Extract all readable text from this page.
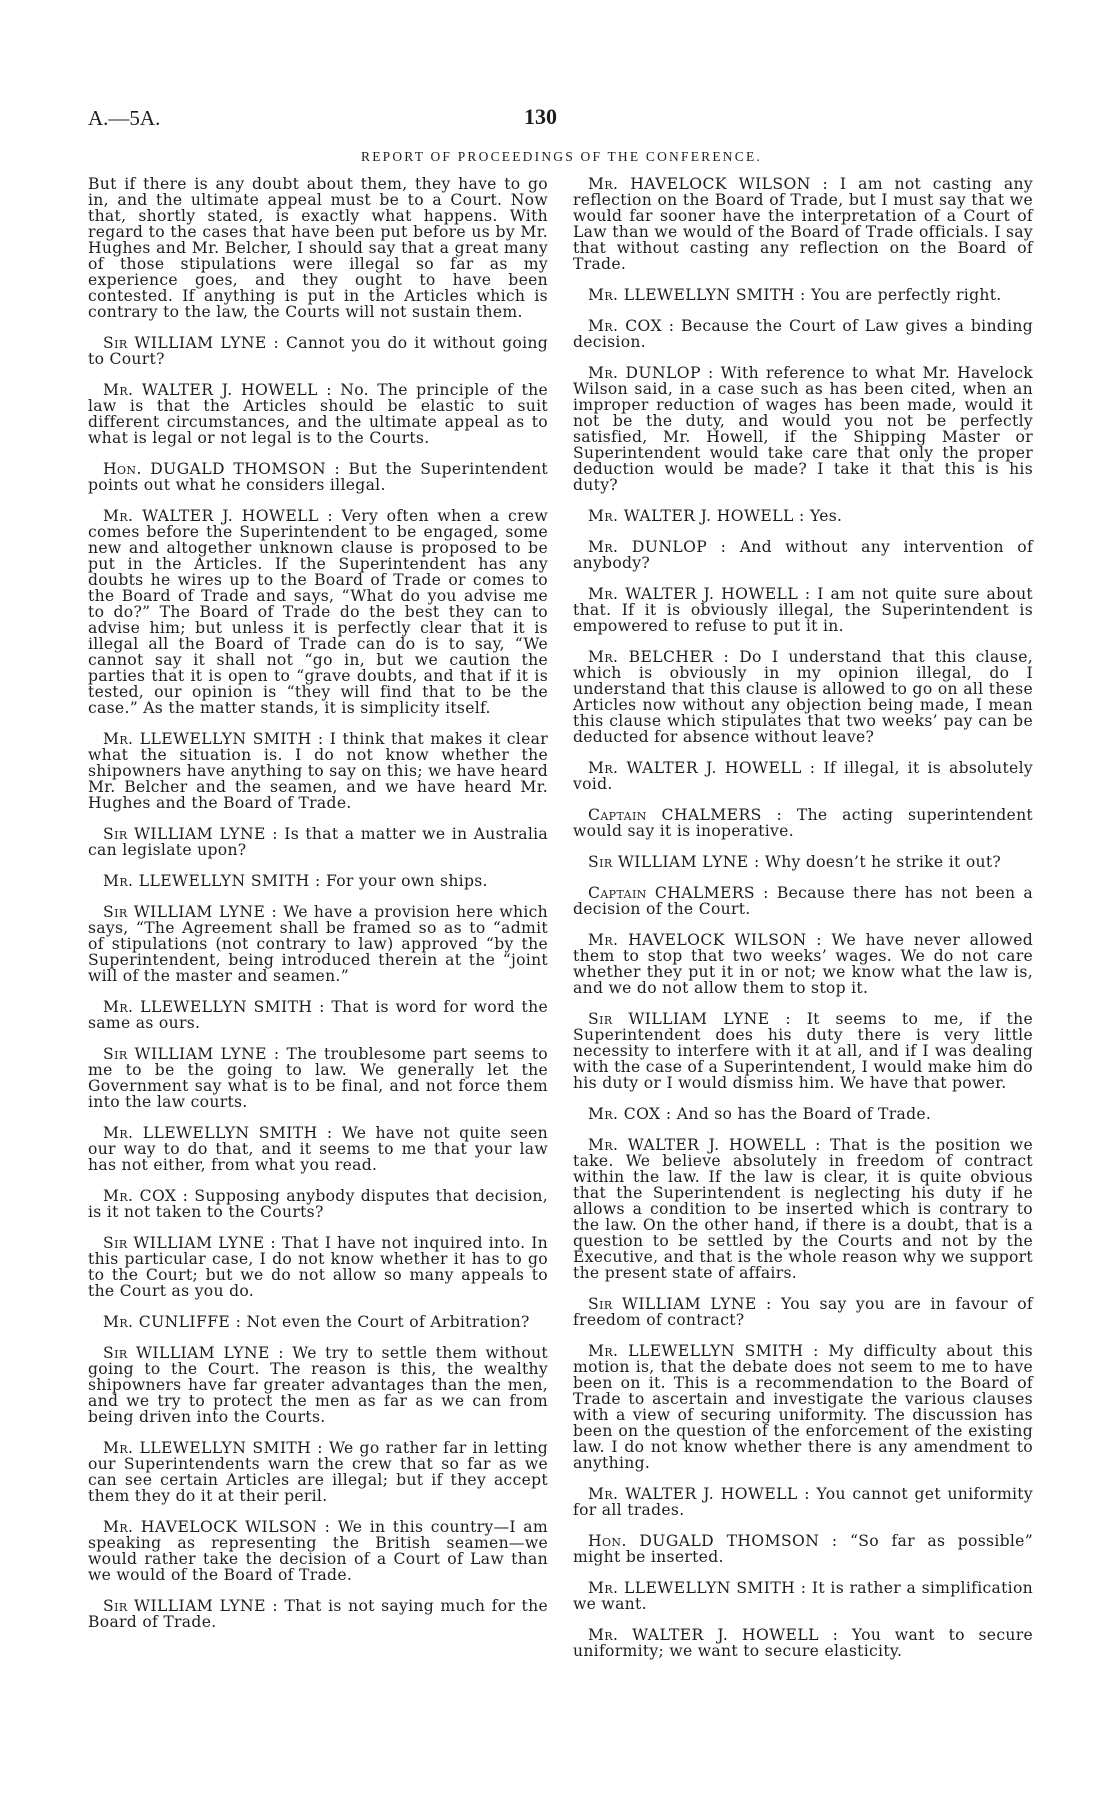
A.—5A.	130
REPORT OF PROCEEDINGS OF THE CONFERENCE.

But if there is any doubt about them, they have to go in, and the ultimate appeal must be to a Court. Now that, shortly stated, is exactly what happens. With regard to the cases that have been put before us by Mr. Hughes and Mr. Belcher, I should say that a great many of those stipulations were illegal so far as my experience goes, and they ought to have been contested. If anything is put in the Articles which is contrary to the law, the Courts will not sustain them.

Sir WILLIAM LYNE : Cannot you do it without going to Court?

Mr. WALTER J. HOWELL : No. The principle of the law is that the Articles should be elastic to suit different circumstances, and the ultimate appeal as to what is legal or not legal is to the Courts.

Hon. DUGALD THOMSON : But the Superintendent points out what he considers illegal.

Mr. WALTER J. HOWELL : Very often when a crew comes before the Superintendent to be engaged, some new and altogether unknown clause is proposed to be put in the Articles. If the Superintendent has any doubts he wires up to the Board of Trade or comes to the Board of Trade and says, “What do you advise me to do?” The Board of Trade do the best they can to advise him; but unless it is perfectly clear that it is illegal all the Board of Trade can do is to say, “We cannot say it shall not “go in, but we caution the parties that it is open to “grave doubts, and that if it is tested, our opinion is “they will find that to be the case.” As the matter stands, it is simplicity itself.

Mr. LLEWELLYN SMITH : I think that makes it clear what the situation is. I do not know whether the shipowners have anything to say on this; we have heard Mr. Belcher and the seamen, and we have heard Mr. Hughes and the Board of Trade.

Sir WILLIAM LYNE : Is that a matter we in Australia can legislate upon?

Mr. LLEWELLYN SMITH : For your own ships.

Sir WILLIAM LYNE : We have a provision here which says, “The Agreement shall be framed so as to “admit of stipulations (not contrary to law) approved “by the Superintendent, being introduced therein at the “joint will of the master and seamen.”

Mr. LLEWELLYN SMITH : That is word for word the same as ours.

Sir WILLIAM LYNE : The troublesome part seems to me to be the going to law. We generally let the Government say what is to be final, and not force them into the law courts.

Mr. LLEWELLYN SMITH : We have not quite seen our way to do that, and it seems to me that your law has not either, from what you read.

Mr. COX : Supposing anybody disputes that decision, is it not taken to the Courts?

Sir WILLIAM LYNE : That I have not inquired into. In this particular case, I do not know whether it has to go to the Court; but we do not allow so many appeals to the Court as you do.

Mr. CUNLIFFE : Not even the Court of Arbitration?

Sir WILLIAM LYNE : We try to settle them without going to the Court. The reason is this, the wealthy shipowners have far greater advantages than the men, and we try to protect the men as far as we can from being driven into the Courts.

Mr. LLEWELLYN SMITH : We go rather far in letting our Superintendents warn the crew that so far as we can see certain Articles are illegal; but if they accept them they do it at their peril.

Mr. HAVELOCK WILSON : We in this country—I am speaking as representing the British seamen—we would rather take the decision of a Court of Law than we would of the Board of Trade.

Sir WILLIAM LYNE : That is not saying much for the Board of Trade.

Mr. HAVELOCK WILSON : I am not casting any reflection on the Board of Trade, but I must say that we would far sooner have the interpretation of a Court of Law than we would of the Board of Trade officials. I say that without casting any reflection on the Board of Trade.

Mr. LLEWELLYN SMITH : You are perfectly right.

Mr. COX : Because the Court of Law gives a binding decision.

Mr. DUNLOP : With reference to what Mr. Havelock Wilson said, in a case such as has been cited, when an improper reduction of wages has been made, would it not be the duty, and would you not be perfectly satisfied, Mr. Howell, if the Shipping Master or Superintendent would take care that only the proper deduction would be made? I take it that this is his duty?

Mr. WALTER J. HOWELL : Yes.

Mr. DUNLOP : And without any intervention of anybody?

Mr. WALTER J. HOWELL : I am not quite sure about that. If it is obviously illegal, the Superintendent is empowered to refuse to put it in.

Mr. BELCHER : Do I understand that this clause, which is obviously in my opinion illegal, do I understand that this clause is allowed to go on all these Articles now without any objection being made, I mean this clause which stipulates that two weeks’ pay can be deducted for absence without leave?

Mr. WALTER J. HOWELL : If illegal, it is absolutely void.

Captain CHALMERS : The acting superintendent would say it is inoperative.

Sir WILLIAM LYNE : Why doesn’t he strike it out?

Captain CHALMERS : Because there has not been a decision of the Court.

Mr. HAVELOCK WILSON : We have never allowed them to stop that two weeks’ wages. We do not care whether they put it in or not; we know what the law is, and we do not allow them to stop it.

Sir WILLIAM LYNE : It seems to me, if the Superintendent does his duty there is very little necessity to interfere with it at all, and if I was dealing with the case of a Superintendent, I would make him do his duty or I would dismiss him. We have that power.

Mr. COX : And so has the Board of Trade.

Mr. WALTER J. HOWELL : That is the position we take. We believe absolutely in freedom of contract within the law. If the law is clear, it is quite obvious that the Superintendent is neglecting his duty if he allows a condition to be inserted which is contrary to the law. On the other hand, if there is a doubt, that is a question to be settled by the Courts and not by the Executive, and that is the whole reason why we support the present state of affairs.

Sir WILLIAM LYNE : You say you are in favour of freedom of contract?

Mr. LLEWELLYN SMITH : My difficulty about this motion is, that the debate does not seem to me to have been on it. This is a recommendation to the Board of Trade to ascertain and investigate the various clauses with a view of securing uniformity. The discussion has been on the question of the enforcement of the existing law. I do not know whether there is any amendment to anything.

Mr. WALTER J. HOWELL : You cannot get uniformity for all trades.

Hon. DUGALD THOMSON : “So far as possible” might be inserted.

Mr. LLEWELLYN SMITH : It is rather a simplification we want.

Mr. WALTER J. HOWELL : You want to secure uniformity; we want to secure elasticity.
